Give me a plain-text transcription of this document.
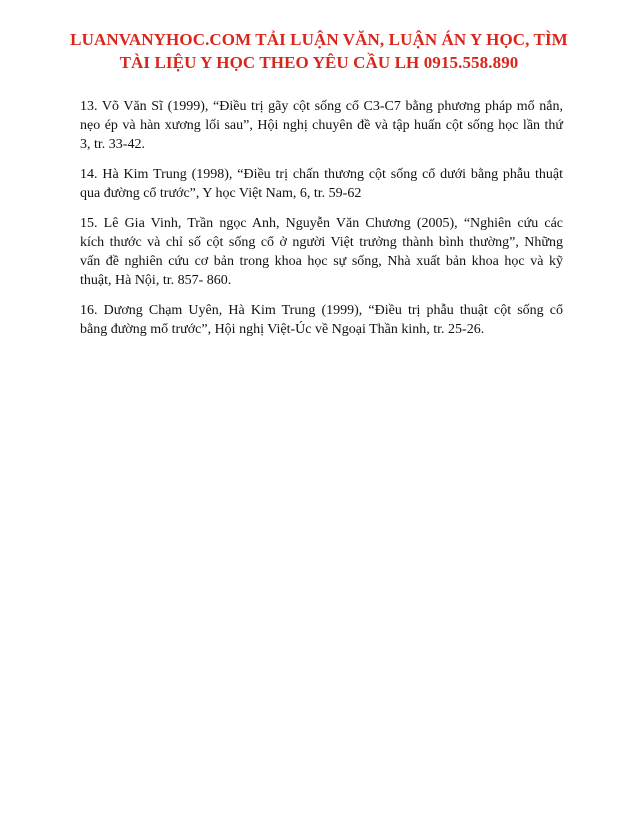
LUANVANYHOC.COM TẢI LUẬN VĂN, LUẬN ÁN Y HỌC, TÌM
TÀI LIỆU Y HỌC THEO YÊU CẦU LH 0915.558.890
13. Võ Văn Sĩ (1999), “Điều trị gãy cột sống cổ C3-C7 bằng phương pháp mổ nắn,
nẹo ép và hàn xương lối sau”, Hội nghị chuyên đề và tập huấn cột sống học lần thứ
3, tr. 33-42.
14. Hà Kim Trung (1998), “Điều trị chấn thương cột sống cổ dưới bằng phẫu thuật
qua đường cổ trước”, Y học Việt Nam, 6, tr. 59-62
15. Lê Gia Vinh, Trần ngọc Anh, Nguyễn Văn Chương (2005), “Nghiên cứu các
kích thước và chỉ số cột sống cổ ở người Việt trưởng thành bình thường”, Những
vấn đề nghiên cứu cơ bản trong khoa học sự sống, Nhà xuất bản khoa học và kỹ
thuật, Hà Nội, tr. 857- 860.
16. Dương Chạm Uyên, Hà Kim Trung (1999), “Điều trị phẫu thuật cột sống cổ
bằng đường mổ trước”, Hội nghị Việt-Úc về Ngoại Thần kinh, tr. 25-26.
